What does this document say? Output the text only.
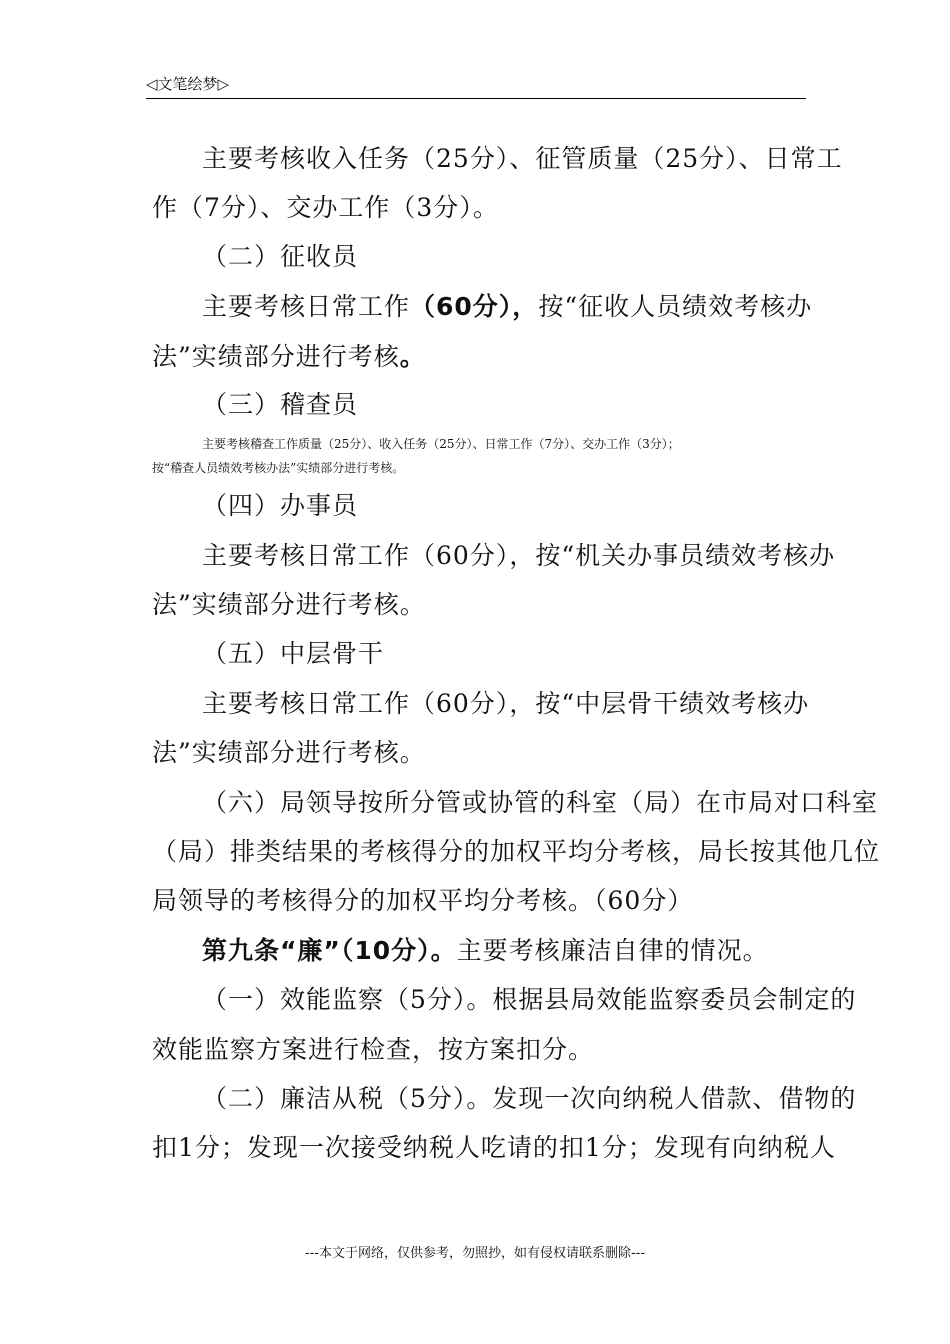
◁文笔绘梦▷
主要考核收入任务（25分）、征管质量（25分）、日常工
作（7分）、交办工作（3分）。
（二）征收员
主要考核日常工作（60分），按“征收人员绩效考核办
法”实绩部分进行考核。
（三）稽查员
主要考核稽查工作质量（25分）、收入任务（25分）、日常工作（7分）、交办工作（3分）；
按“稽查人员绩效考核办法”实绩部分进行考核。
（四）办事员
主要考核日常工作（60分），按“机关办事员绩效考核办
法”实绩部分进行考核。
（五）中层骨干
主要考核日常工作（60分），按“中层骨干绩效考核办
法”实绩部分进行考核。
（六）局领导按所分管或协管的科室（局）在市局对口科室
（局）排类结果的考核得分的加权平均分考核，局长按其他几位
局领导的考核得分的加权平均分考核。（60分）
第九条“廉”（10分）。主要考核廉洁自律的情况。
（一）效能监察（5分）。根据县局效能监察委员会制定的
效能监察方案进行检查，按方案扣分。
（二）廉洁从税（5分）。发现一次向纳税人借款、借物的
扣1分；发现一次接受纳税人吃请的扣1分；发现有向纳税人
---本文于网络，仅供参考，勿照抄，如有侵权请联系删除---
